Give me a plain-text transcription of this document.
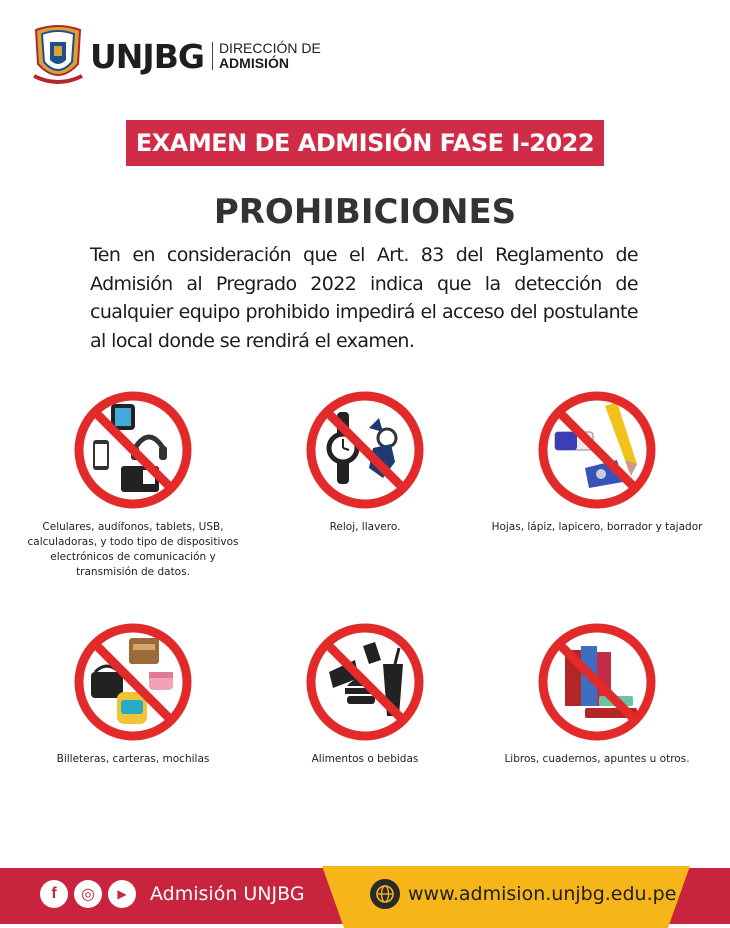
UNJBG DIRECCIÓN DE
ADMISIÓN
EXAMEN DE ADMISIÓN FASE I-2022
PROHIBICIONES

Ten en consideración que el Art. 83 del Reglamento de Admisión al Pregrado 2022 indica que la detección de cualquier equipo prohibido impedirá el acceso del postulante al local donde se rendirá el examen.

Celulares, audífonos, tablets, USB, calculadoras, y todo tipo de dispositivos electrónicos de comunicación y transmisión de datos.
Reloj, llavero.	Hojas, lápiz, lapicero, borrador y tajador
Billeteras, carteras, mochilas	Alimentos o bebidas	Libros, cuadernos, apuntes u otros.
f	◎	▶	Admisión UNJBG	www.admision.unjbg.edu.pe
